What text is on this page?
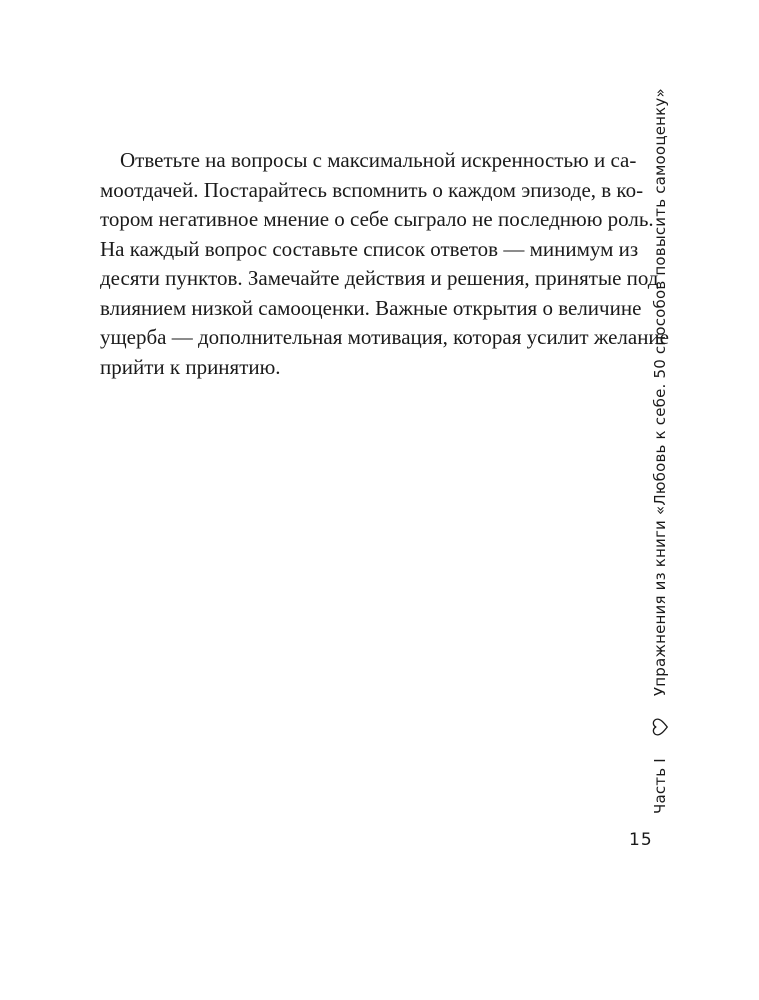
Ответьте на вопросы с максимальной искренностью и са-
моотдачей. Постарайтесь вспомнить о каждом эпизоде, в ко-
тором негативное мнение о себе сыграло не последнюю роль.
На каждый вопрос составьте список ответов — минимум из
десяти пунктов. Замечайте действия и решения, принятые под
влиянием низкой самооценки. Важные открытия о величине
ущерба — дополнительная мотивация, которая усилит желание
прийти к принятию.
Часть I
Упражнения из книги «Любовь к себе. 50 способов повысить самооценку»
15
